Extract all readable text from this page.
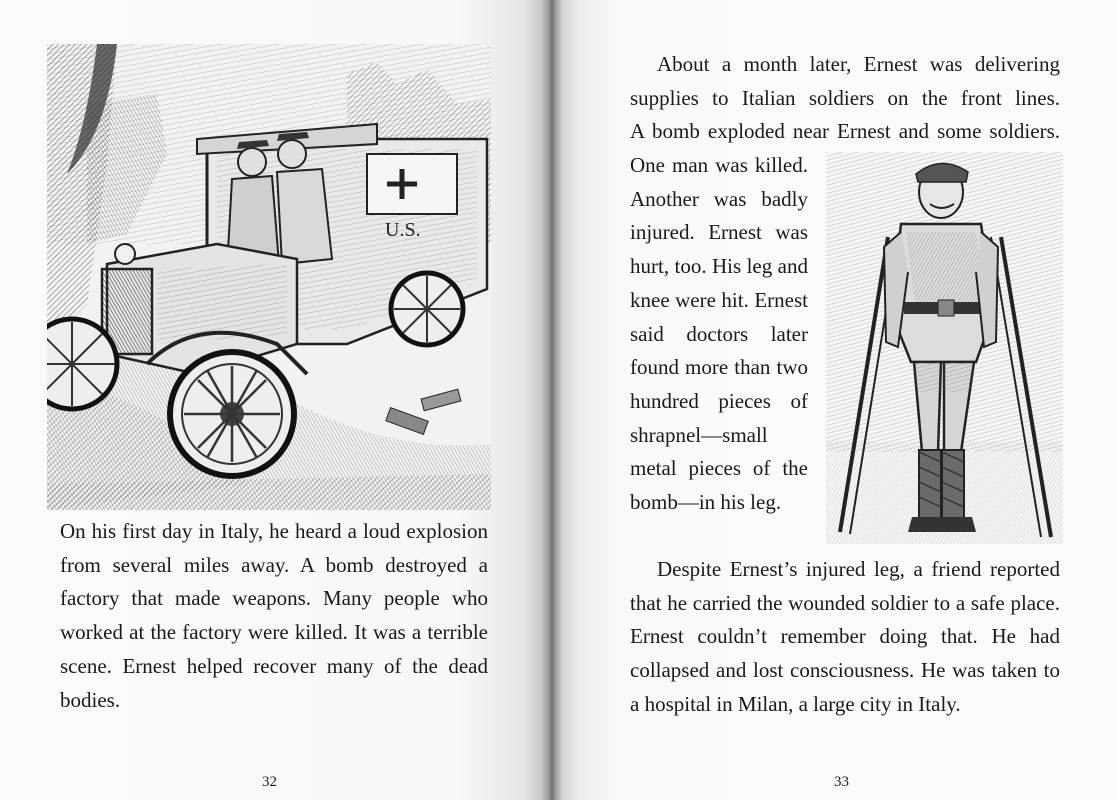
U.S.

On his first day in Italy, he heard a loud explosion from several miles away. A bomb destroyed a factory that made weapons. Many people who worked at the factory were killed. It was a terrible scene. Ernest helped recover many of the dead bodies.

32

About a month later, Ernest was delivering

supplies to Italian soldiers on the front lines.

A bomb exploded near Ernest and some soldiers.

One man was killed. Another was badly injured. Ernest was hurt, too. His leg and knee were hit. Ernest said doctors later found more than two hundred pieces of shrapnel—small metal pieces of the bomb—in his leg.

Despite Ernest’s injured leg, a friend reported that he carried the wounded soldier to a safe place. Ernest couldn’t remember doing that. He had collapsed and lost consciousness. He was taken to a hospital in Milan, a large city in Italy.

33
